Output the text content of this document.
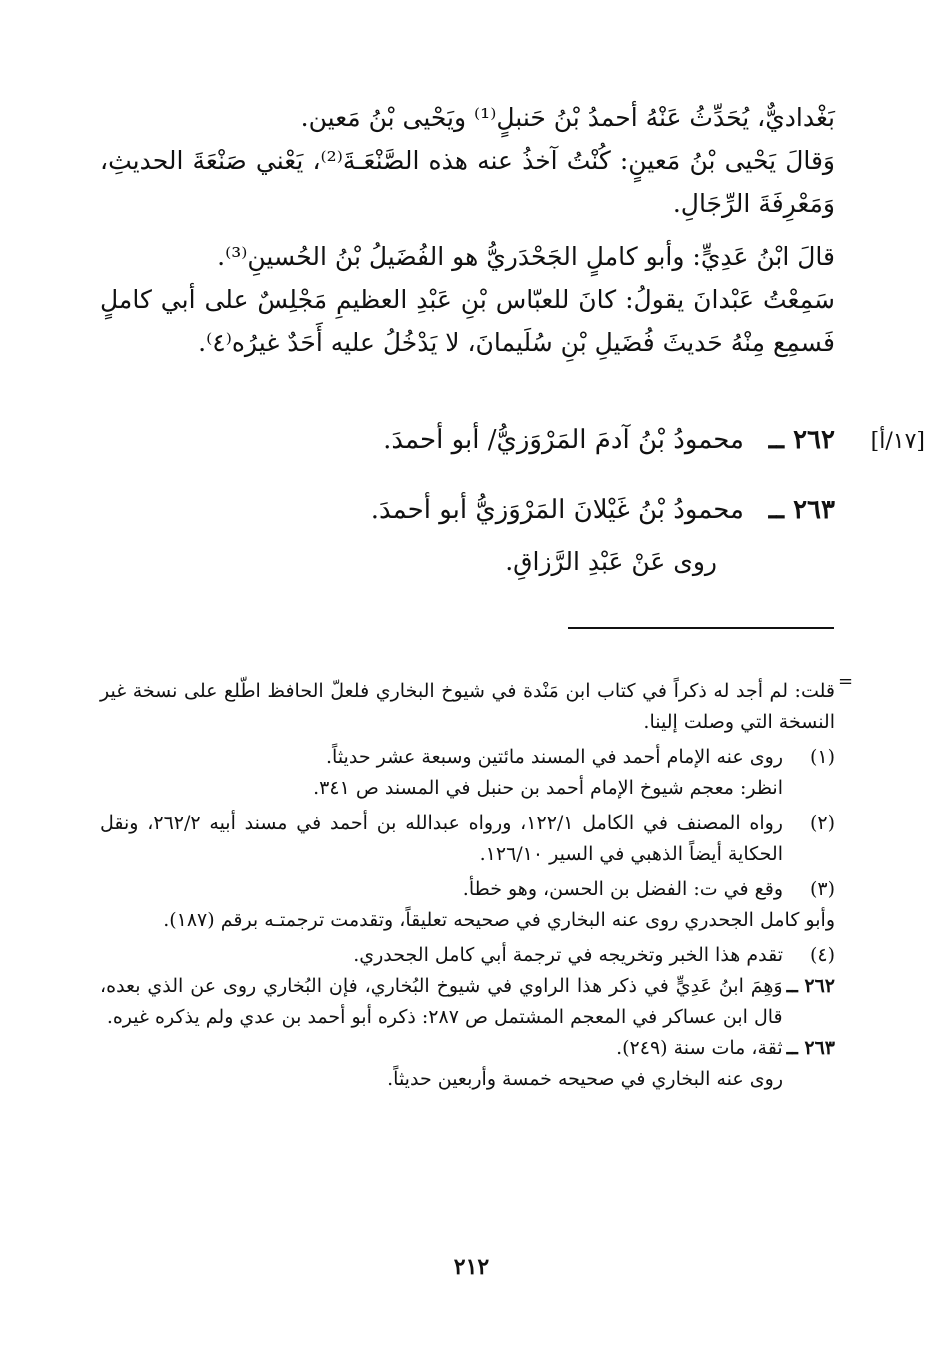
بَغْداديٌّ، يُحَدِّثُ عَنْهُ أحمدُ بْنُ حَنبلٍ⁽¹⁾ ويَحْيى بْنُ مَعين.

وَقالَ يَحْيى بْنُ مَعينٍ: كُنْتُ آخذُ عنه هذه الصَّنْعَـةَ⁽²⁾، يَعْني صَنْعَةَ الحديثِ، وَمَعْرِفَةَ الرِّجَالِ.

قالَ ابْنُ عَدِيٍّ: وأبو كاملٍ الجَحْدَريُّ هو الفُضَيلُ بْنُ الحُسينِ⁽³⁾.

سَمِعْتُ عَبْدانَ يقولُ: كانَ للعبّاس بْنِ عَبْدِ العظيمِ مَجْلِسٌ على أبي كاملٍ فَسمِع مِنْهُ حَديثَ فُضَيلِ بْنِ سُلَيمانَ، لا يَدْخُلُ عليه أَحَدٌ غيرُه⁽٤⁾.

[١٧/أ]
٢٦٢ ــ   محمودُ بْنُ آدمَ المَرْوَزيُّ/ أبو أحمدَ.
٢٦٣ ــ   محمودُ بْنُ غَيْلانَ المَرْوَزيُّ أبو أحمدَ.
روى عَنْ عَبْدِ الرَّزاقِ.
=

قلت: لم أجد له ذكراً في كتاب ابن مَنْدة في شيوخ البخاري فلعلّ الحافظ اطّلع على نسخة غير النسخة التي وصلت إلينا.

(١)
روى عنه الإمام أحمد في المسند مائتين وسبعة عشر حديثاً.

انظر: معجم شيوخ الإمام أحمد بن حنبل في المسند ص ٣٤١.

(٢)
رواه المصنف في الكامل ١٢٢/١، ورواه عبدالله بن أحمد في مسند أبيه ٢٦٢/٢، ونقل الحكاية أيضاً الذهبي في السير ١٢٦/١٠.
(٣)
وقع في ت: الفضل بن الحسن، وهو خطأ.

وأبو كامل الجحدري روى عنه البخاري في صحيحه تعليقاً، وتقدمت ترجمتـه برقم (١٨٧).

(٤)
تقدم هذا الخبر وتخريجه في ترجمة أبي كامل الجحدري.
٢٦٢ ــ
وَهِمَ ابنُ عَدِيٍّ في ذكر هذا الراوي في شيوخ البُخاري، فإن البُخاري روى عن الذي بعده، قال ابن عساكر في المعجم المشتمل ص ٢٨٧: ذكره أبو أحمد بن عدي ولم يذكره غيره.
٢٦٣ ــ
ثقة، مات سنة (٢٤٩).

روى عنه البخاري في صحيحه خمسة وأربعين حديثاً.

٢١٢
